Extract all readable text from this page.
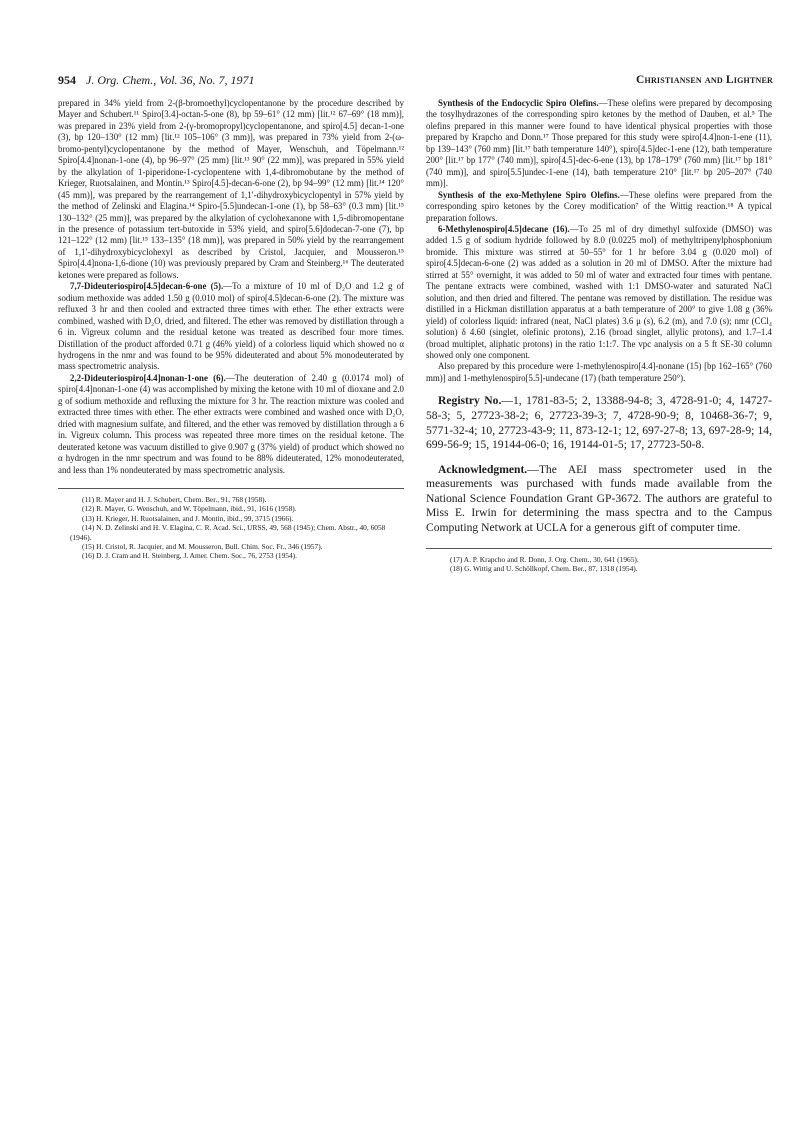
954 J. Org. Chem., Vol. 36, No. 7, 1971	Christiansen and Lightner

prepared in 34% yield from 2-(β-bromoethyl)cyclopentanone by the procedure described by Mayer and Schubert.¹¹ Spiro[3.4]-octan-5-one (8), bp 59–61° (12 mm) [lit.¹² 67–69° (18 mm)], was prepared in 23% yield from 2-(γ-bromopropyl)cyclopentanone, and spiro[4.5] decan-1-one (3), bp 120–130° (12 mm) [lit.¹² 105–106° (3 mm)], was prepared in 73% yield from 2-(ω-bromo-pentyl)cyclopentanone by the method of Mayer, Wenschuh, and Töpelmann.¹² Spiro[4.4]nonan-1-one (4), bp 96–97° (25 mm) [lit.¹³ 90° (22 mm)], was prepared in 55% yield by the alkylation of 1-piperidone-1-cyclopentene with 1,4-dibromobutane by the method of Krieger, Ruotsalainen, and Montin.¹³ Spiro[4.5]-decan-6-one (2), bp 94–99° (12 mm) [lit.¹⁴ 120° (45 mm)], was prepared by the rearrangement of 1,1′-dihydroxybicyclopentyl in 57% yield by the method of Zelinski and Elagina.¹⁴ Spiro-[5.5]undecan-1-one (1), bp 58–63° (0.3 mm) [lit.¹⁵ 130–132° (25 mm)], was prepared by the alkylation of cyclohexanone with 1,5-dibromopentane in the presence of potassium tert-butoxide in 53% yield, and spiro[5.6]dodecan-7-one (7), bp 121–122° (12 mm) [lit.¹⁵ 133–135° (18 mm)], was prepared in 50% yield by the rearrangement of 1,1′-dihydroxybicyclohexyl as described by Cristol, Jacquier, and Mousseron.¹⁵ Spiro[4.4]nona-1,6-dione (10) was previously prepared by Cram and Steinberg.¹⁶ The deuterated ketones were prepared as follows.

7,7-Dideuteriospiro[4.5]decan-6-one (5).—To a mixture of 10 ml of D₂O and 1.2 g of sodium methoxide was added 1.50 g (0.010 mol) of spiro[4.5]decan-6-one (2). The mixture was refluxed 3 hr and then cooled and extracted three times with ether. The ether extracts were combined, washed with D₂O, dried, and filtered. The ether was removed by distillation through a 6 in. Vigreux column and the residual ketone was treated as described four more times. Distillation of the product afforded 0.71 g (46% yield) of a colorless liquid which showed no α hydrogens in the nmr and was found to be 95% dideuterated and about 5% monodeuterated by mass spectrometric analysis.

2,2-Dideuteriospiro[4.4]nonan-1-one (6).—The deuteration of 2.40 g (0.0174 mol) of spiro[4.4]nonan-1-one (4) was accomplished by mixing the ketone with 10 ml of dioxane and 2.0 g of sodium methoxide and refluxing the mixture for 3 hr. The reaction mixture was cooled and extracted three times with ether. The ether extracts were combined and washed once with D₂O, dried with magnesium sulfate, and filtered, and the ether was removed by distillation through a 6 in. Vigreux column. This process was repeated three more times on the residual ketone. The deuterated ketone was vacuum distilled to give 0.907 g (37% yield) of product which showed no α hydrogen in the nmr spectrum and was found to be 88% dideuterated, 12% monodeuterated, and less than 1% nondeuterated by mass spectrometric analysis.

(11) R. Mayer and H. J. Schubert, Chem. Ber., 91, 768 (1958).

(12) R. Mayer, G. Wenschuh, and W. Töpelmann, ibid., 91, 1616 (1958).

(13) H. Krieger, H. Ruotsalainen, and J. Montin, ibid., 99, 3715 (1966).

(14) N. D. Zelinski and H. V. Elagina, C. R. Acad. Sci., URSS, 49, 568 (1945); Chem. Abstr., 40, 6058 (1946).

(15) H. Cristol, R. Jacquier, and M. Mousseron, Bull. Chim. Soc. Fr., 346 (1957).

(16) D. J. Cram and H. Steinberg, J. Amer. Chem. Soc., 76, 2753 (1954).

Synthesis of the Endocyclic Spiro Olefins.—These olefins were prepared by decomposing the tosylhydrazones of the corresponding spiro ketones by the method of Dauben, et al.⁵ The olefins prepared in this manner were found to have identical physical properties with those prepared by Krapcho and Donn.¹⁷ Those prepared for this study were spiro[4.4]non-1-ene (11), bp 139–143° (760 mm) [lit.¹⁷ bath temperature 140°), spiro[4.5]dec-1-ene (12), bath temperature 200° [lit.¹⁷ bp 177° (740 mm)], spiro[4.5]-dec-6-ene (13), bp 178–179° (760 mm) [lit.¹⁷ bp 181° (740 mm)], and spiro[5.5]undec-1-ene (14), bath temperature 210° [lit.¹⁷ bp 205–207° (740 mm)].

Synthesis of the exo-Methylene Spiro Olefins.—These olefins were prepared from the corresponding spiro ketones by the Corey modification⁷ of the Wittig reaction.¹⁸ A typical preparation follows.

6-Methylenospiro[4.5]decane (16).—To 25 ml of dry dimethyl sulfoxide (DMSO) was added 1.5 g of sodium hydride followed by 8.0 (0.0225 mol) of methyltripenylphosphonium bromide. This mixture was stirred at 50–55° for 1 hr before 3.04 g (0.020 mol) of spiro[4.5]decan-6-one (2) was added as a solution in 20 ml of DMSO. After the mixture had stirred at 55° overnight, it was added to 50 ml of water and extracted four times with pentane. The pentane extracts were combined, washed with 1:1 DMSO-water and saturated NaCl solution, and then dried and filtered. The pentane was removed by distillation. The residue was distilled in a Hickman distillation apparatus at a bath temperature of 200° to give 1.08 g (36% yield) of colorless liquid: infrared (neat, NaCl plates) 3.6 μ (s), 6.2 (m), and 7.0 (s); nmr (CCl₄ solution) δ 4.60 (singlet, olefinic protons), 2.16 (broad singlet, allylic protons), and 1.7–1.4 (broad multiplet, aliphatic protons) in the ratio 1:1:7. The vpc analysis on a 5 ft SE-30 column showed only one component.

Also prepared by this procedure were 1-methylenospiro[4.4]-nonane (15) [bp 162–165° (760 mm)] and 1-methylenospiro[5.5]-undecane (17) (bath temperature 250°).

Registry No.—1, 1781-83-5; 2, 13388-94-8; 3, 4728-91-0; 4, 14727-58-3; 5, 27723-38-2; 6, 27723-39-3; 7, 4728-90-9; 8, 10468-36-7; 9, 5771-32-4; 10, 27723-43-9; 11, 873-12-1; 12, 697-27-8; 13, 697-28-9; 14, 699-56-9; 15, 19144-06-0; 16, 19144-01-5; 17, 27723-50-8.

Acknowledgment.—The AEI mass spectrometer used in the measurements was purchased with funds made available from the National Science Foundation Grant GP-3672. The authors are grateful to Miss E. Irwin for determining the mass spectra and to the Campus Computing Network at UCLA for a generous gift of computer time.

(17) A. P. Krapcho and R. Donn, J. Org. Chem., 30, 641 (1965).

(18) G. Wittig and U. Schöllkopf, Chem. Ber., 87, 1318 (1954).
